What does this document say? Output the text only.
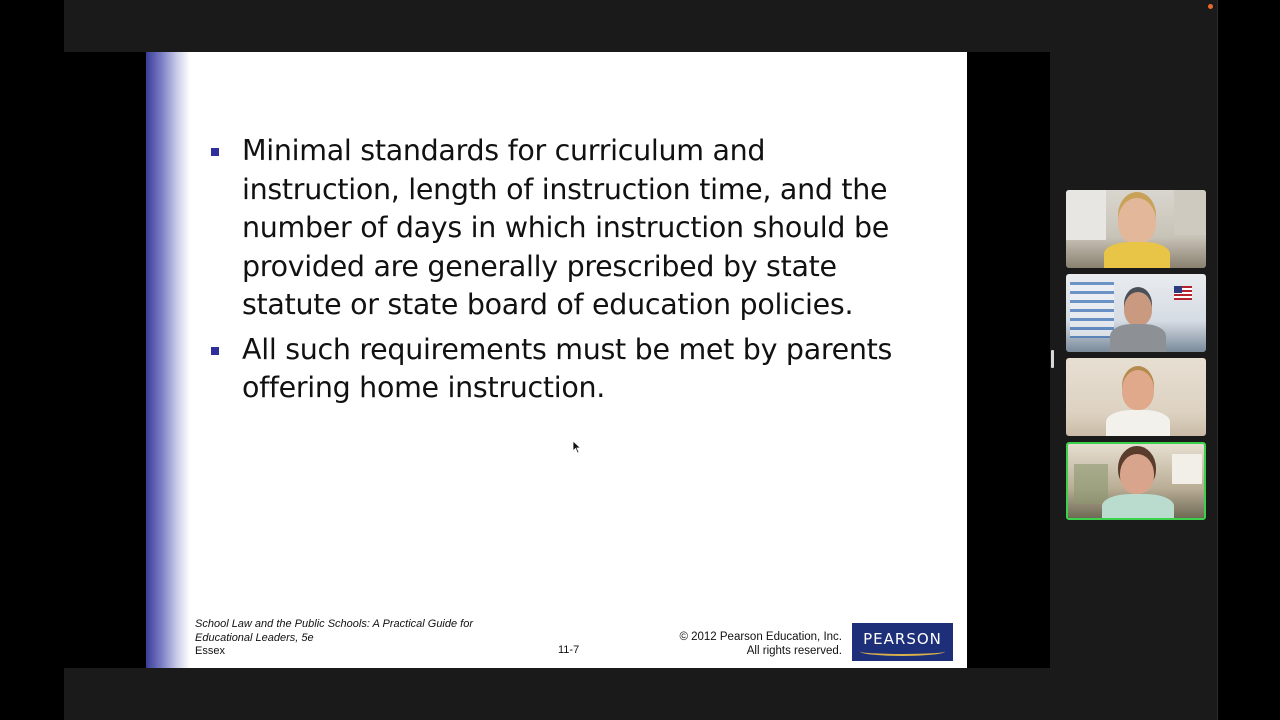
Minimal standards for curriculum and instruction, length of instruction time, and the number of days in which instruction should be provided are generally prescribed by state statute or state board of education policies.
All such requirements must be met by parents offering home instruction.
School Law and the Public Schools: A Practical Guide for
Educational Leaders, 5e
Essex	11-7
© 2012 Pearson Education, Inc.
All rights reserved.
PEARSON
